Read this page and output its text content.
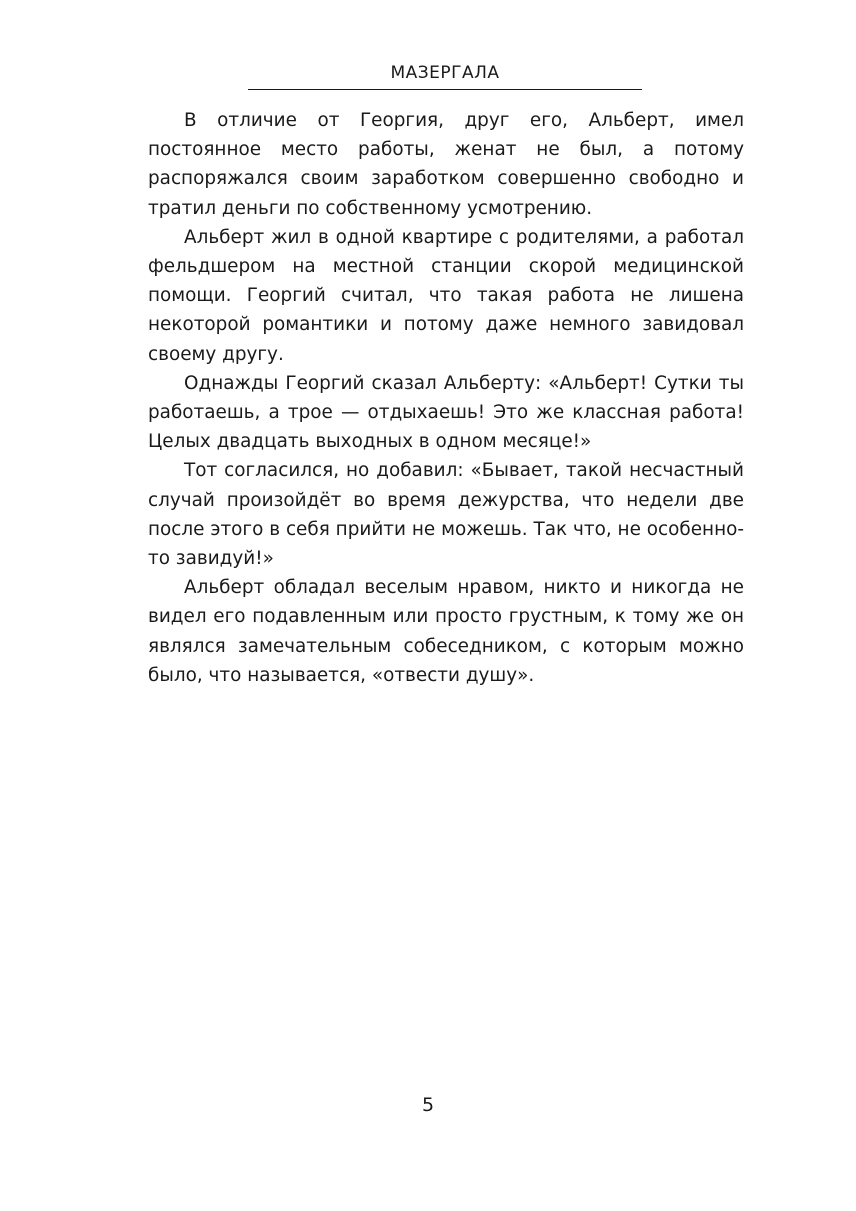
МАЗЕРГАЛА

В отличие от Георгия, друг его, Альберт, имел постоянное место работы, женат не был, а потому распоряжался своим заработком совершенно свободно и тратил деньги по собственному усмотрению.

Альберт жил в одной квартире с родителями, а работал фельдшером на местной станции скорой медицинской помощи. Георгий считал, что такая работа не лишена некоторой романтики и потому даже немного завидовал своему другу.

Однажды Георгий сказал Альберту: «Альберт! Сутки ты работаешь, а трое — отдыхаешь! Это же классная работа! Целых двадцать выходных в одном месяце!»

Тот согласился, но добавил: «Бывает, такой несчастный случай произойдёт во время дежурства, что недели две после этого в себя прийти не можешь. Так что, не особенно-то завидуй!»

Альберт обладал веселым нравом, никто и никогда не видел его подавленным или просто грустным, к тому же он являлся замечательным собеседником, с которым можно было, что называется, «отвести душу».

5
